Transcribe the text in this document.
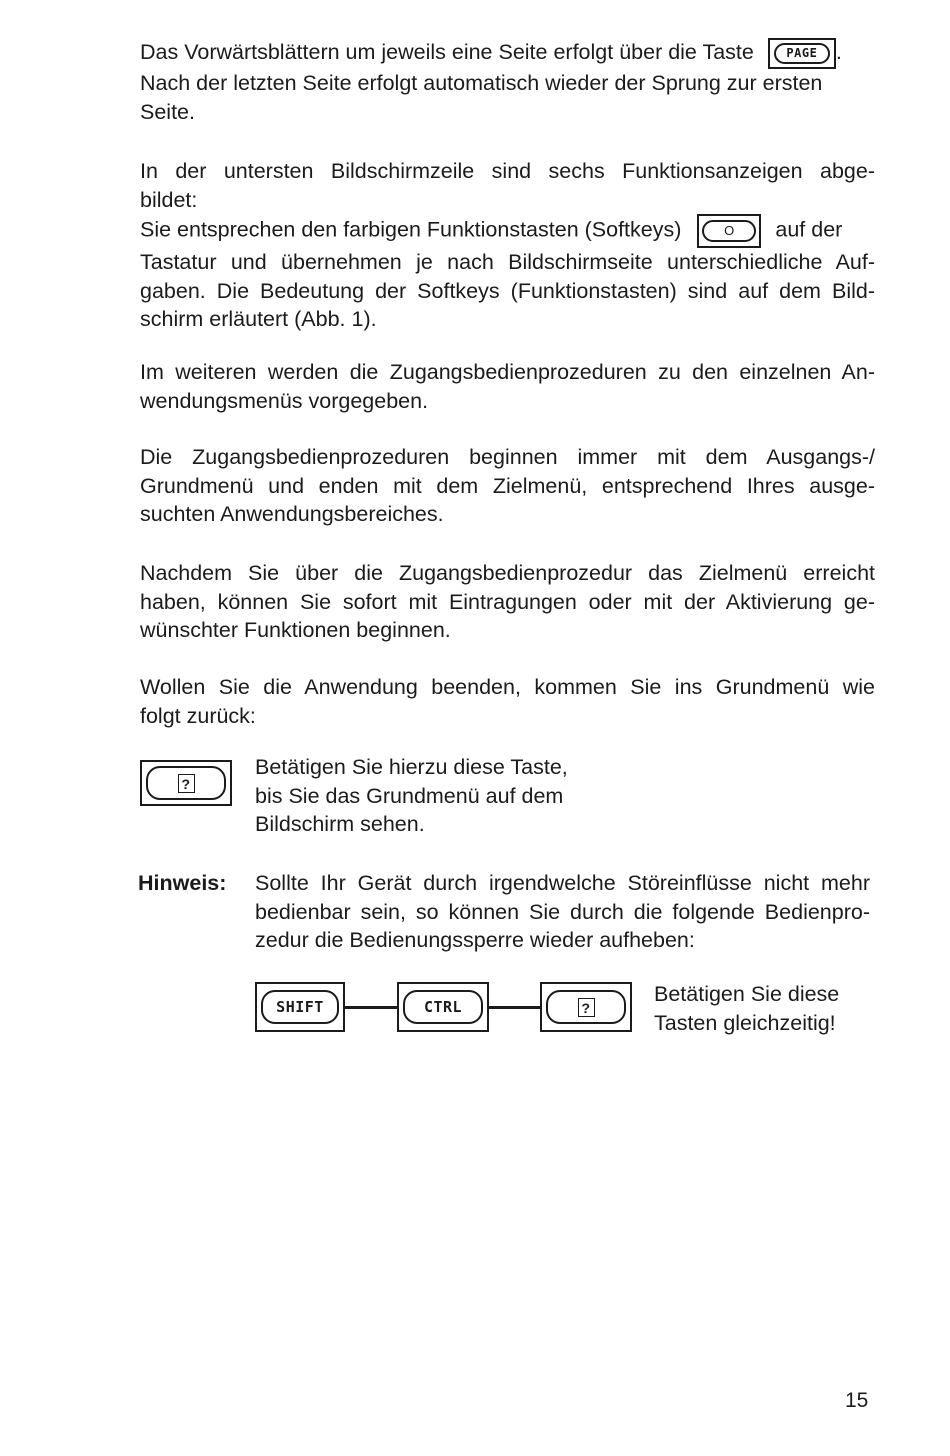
Das Vorwärtsblättern um jeweils eine Seite erfolgt über die Taste	PAGE .
Nach der letzten Seite erfolgt automatisch wieder der Sprung zur ersten
Seite.
In der untersten Bildschirmzeile sind sechs Funktionsanzeigen abge-
bildet:
Sie entsprechen den farbigen Funktionstasten (Softkeys)	O	auf der
Tastatur und übernehmen je nach Bildschirmseite unterschiedliche Auf-
gaben. Die Bedeutung der Softkeys (Funktionstasten) sind auf dem Bild-
schirm erläutert (Abb. 1).
Im weiteren werden die Zugangsbedienprozeduren zu den einzelnen An-
wendungsmenüs vorgegeben.
Die Zugangsbedienprozeduren beginnen immer mit dem Ausgangs-/
Grundmenü und enden mit dem Zielmenü, entsprechend Ihres ausge-
suchten Anwendungsbereiches.
Nachdem Sie über die Zugangsbedienprozedur das Zielmenü erreicht
haben, können Sie sofort mit Eintragungen oder mit der Aktivierung ge-
wünschter Funktionen beginnen.
Wollen Sie die Anwendung beenden, kommen Sie ins Grundmenü wie
folgt zurück:
?
Betätigen Sie hierzu diese Taste,
bis Sie das Grundmenü auf dem
Bildschirm sehen.
Hinweis:	Sollte Ihr Gerät durch irgendwelche Störeinflüsse nicht mehr
bedienbar sein, so können Sie durch die folgende Bedienpro-
zedur die Bedienungssperre wieder aufheben:
SHIFT	CTRL	?
Betätigen Sie diese
Tasten gleichzeitig!
15
